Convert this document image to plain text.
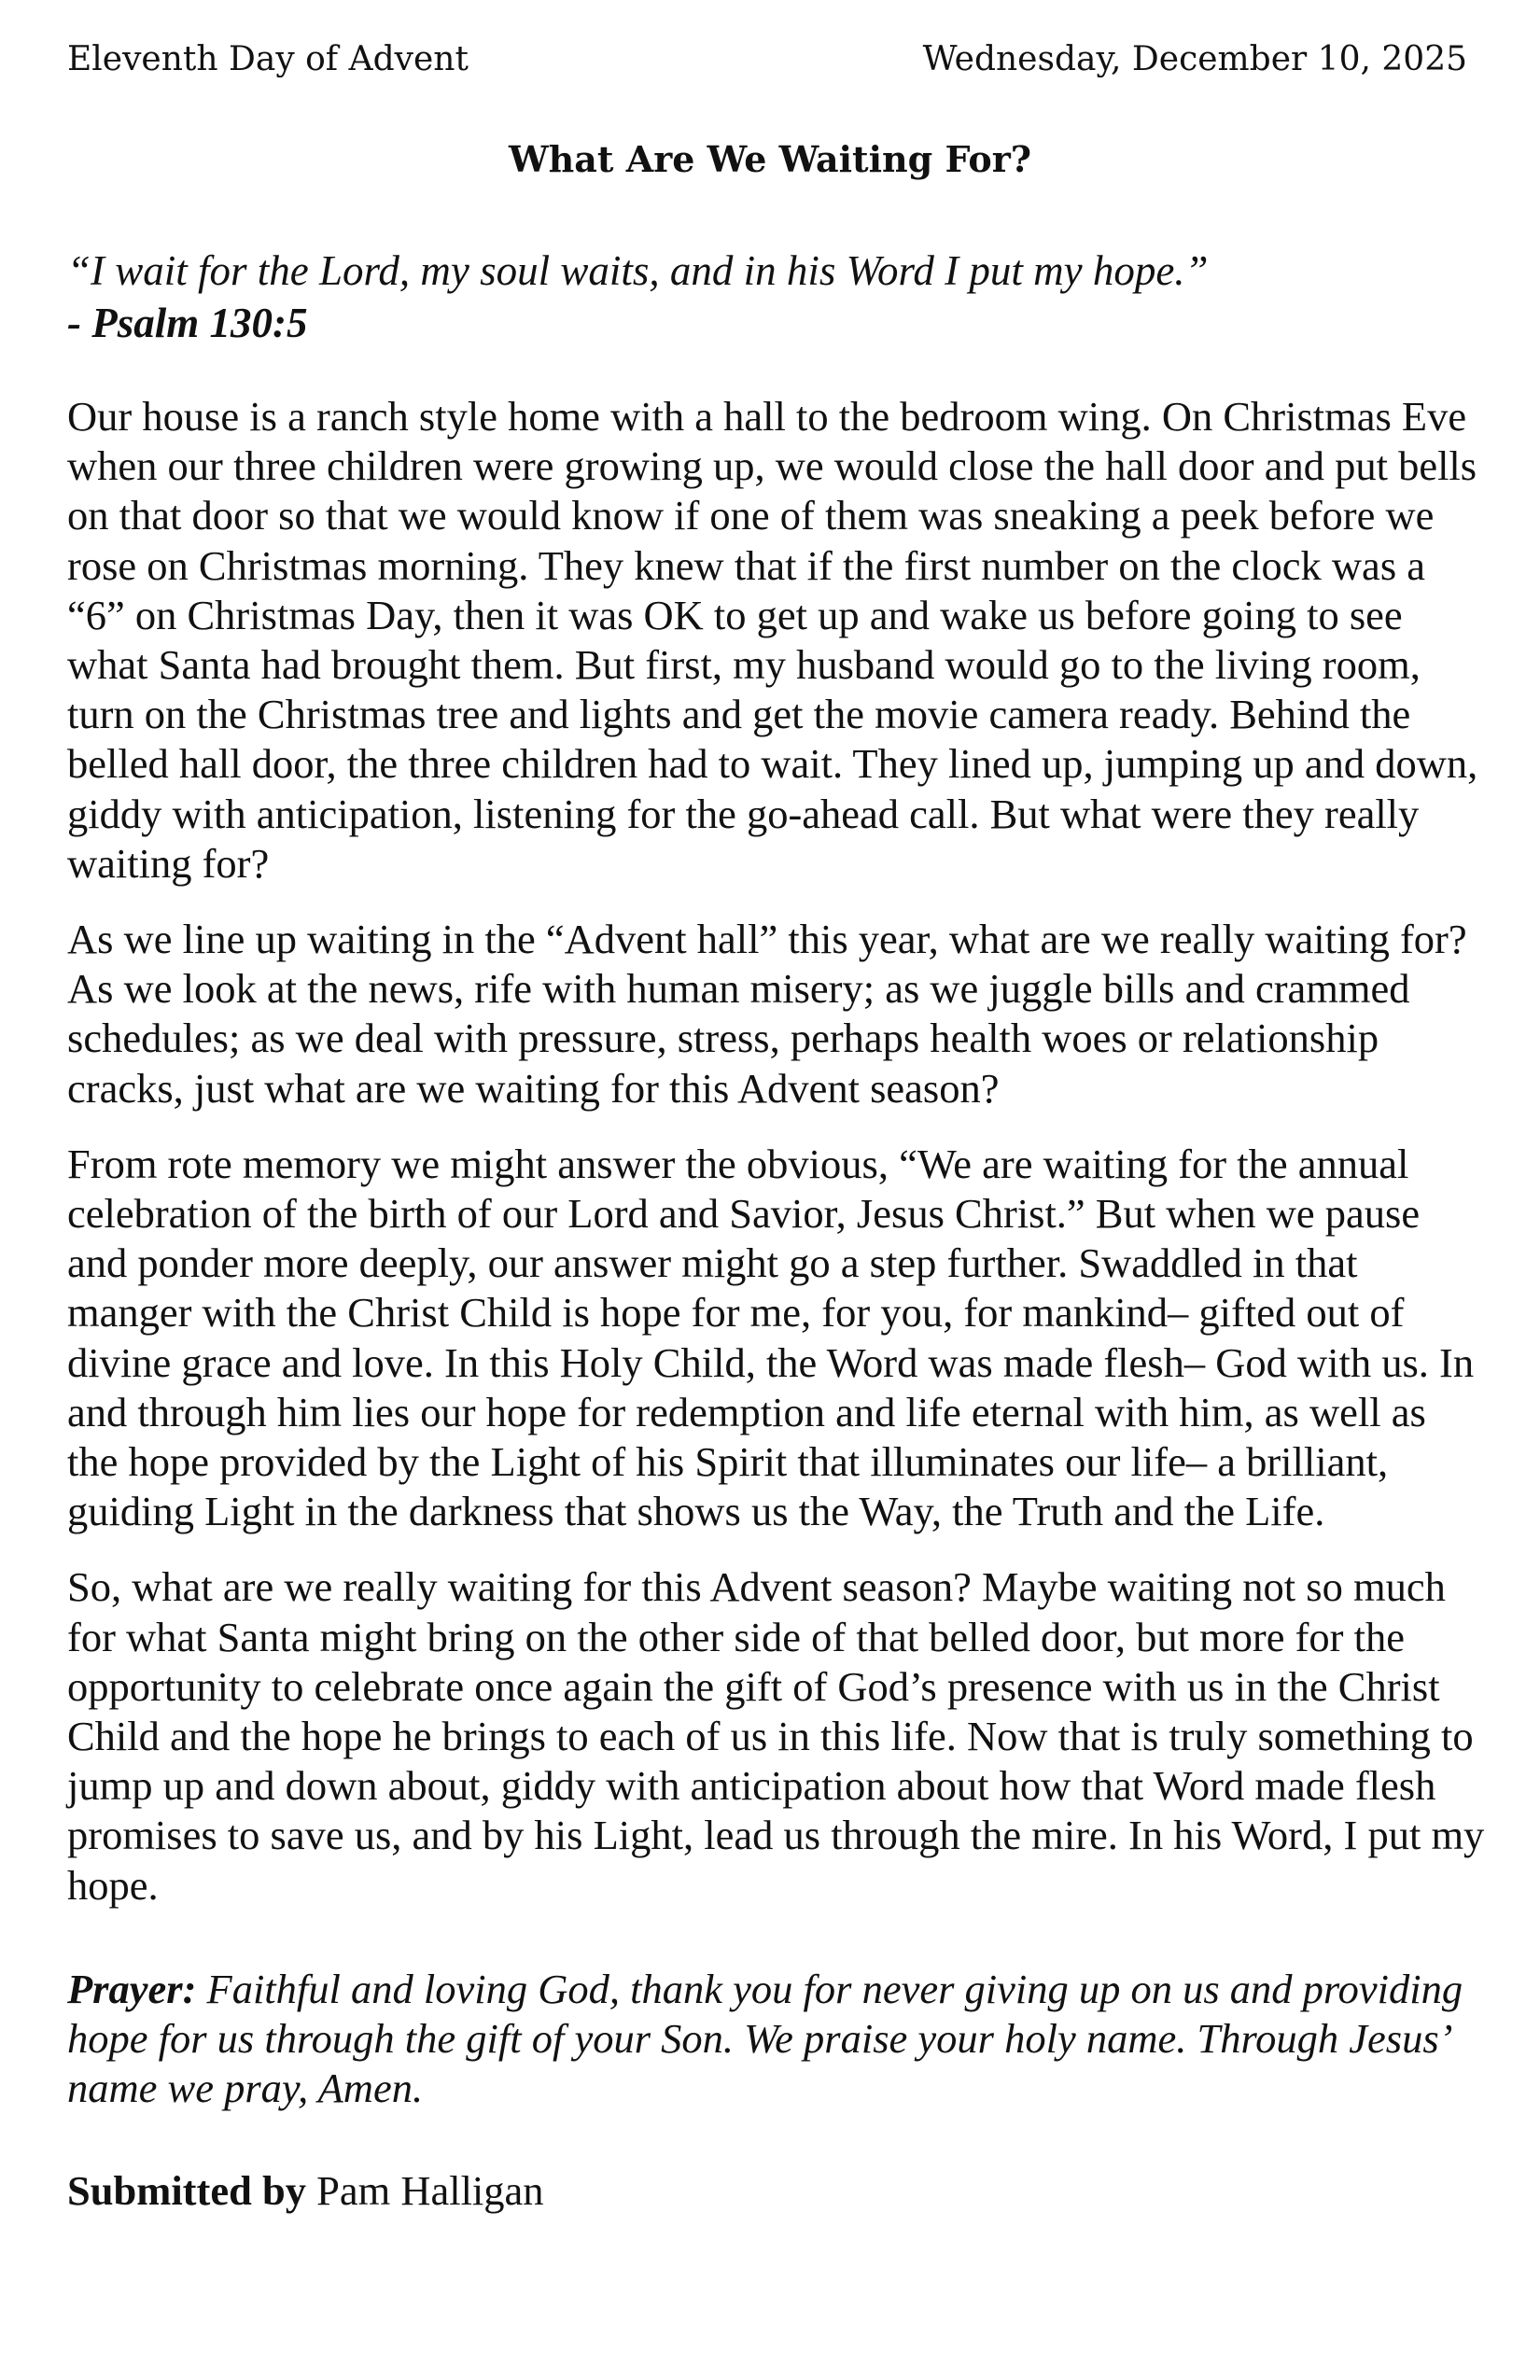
Eleventh Day of Advent	Wednesday, December 10, 2025
What Are We Waiting For?
“I wait for the Lord, my soul waits, and in his Word I put my hope.”
- Psalm 130:5

Our house is a ranch style home with a hall to the bedroom wing. On Christmas Eve when our three children were growing up, we would close the hall door and put bells on that door so that we would know if one of them was sneaking a peek before we rose on Christmas morning. They knew that if the first number on the clock was a “6” on Christmas Day, then it was OK to get up and wake us before going to see what Santa had brought them. But first, my husband would go to the living room, turn on the Christmas tree and lights and get the movie camera ready. Behind the belled hall door, the three children had to wait. They lined up, jumping up and down, giddy with anticipation, listening for the go-ahead call. But what were they really waiting for?

As we line up waiting in the “Advent hall” this year, what are we really waiting for? As we look at the news, rife with human misery; as we juggle bills and crammed schedules; as we deal with pressure, stress, perhaps health woes or relationship cracks, just what are we waiting for this Advent season?

From rote memory we might answer the obvious, “We are waiting for the annual celebration of the birth of our Lord and Savior, Jesus Christ.” But when we pause and ponder more deeply, our answer might go a step further. Swaddled in that manger with the Christ Child is hope for me, for you, for mankind– gifted out of divine grace and love. In this Holy Child, the Word was made flesh– God with us. In and through him lies our hope for redemption and life eternal with him, as well as the hope provided by the Light of his Spirit that illuminates our life– a brilliant, guiding Light in the darkness that shows us the Way, the Truth and the Life.

So, what are we really waiting for this Advent season? Maybe waiting not so much for what Santa might bring on the other side of that belled door, but more for the opportunity to celebrate once again the gift of God’s presence with us in the Christ Child and the hope he brings to each of us in this life. Now that is truly something to jump up and down about, giddy with anticipation about how that Word made flesh promises to save us, and by his Light, lead us through the mire. In his Word, I put my hope.

Prayer: Faithful and loving God, thank you for never giving up on us and providing hope for us through the gift of your Son. We praise your holy name. Through Jesus’ name we pray, Amen.

Submitted by Pam Halligan
